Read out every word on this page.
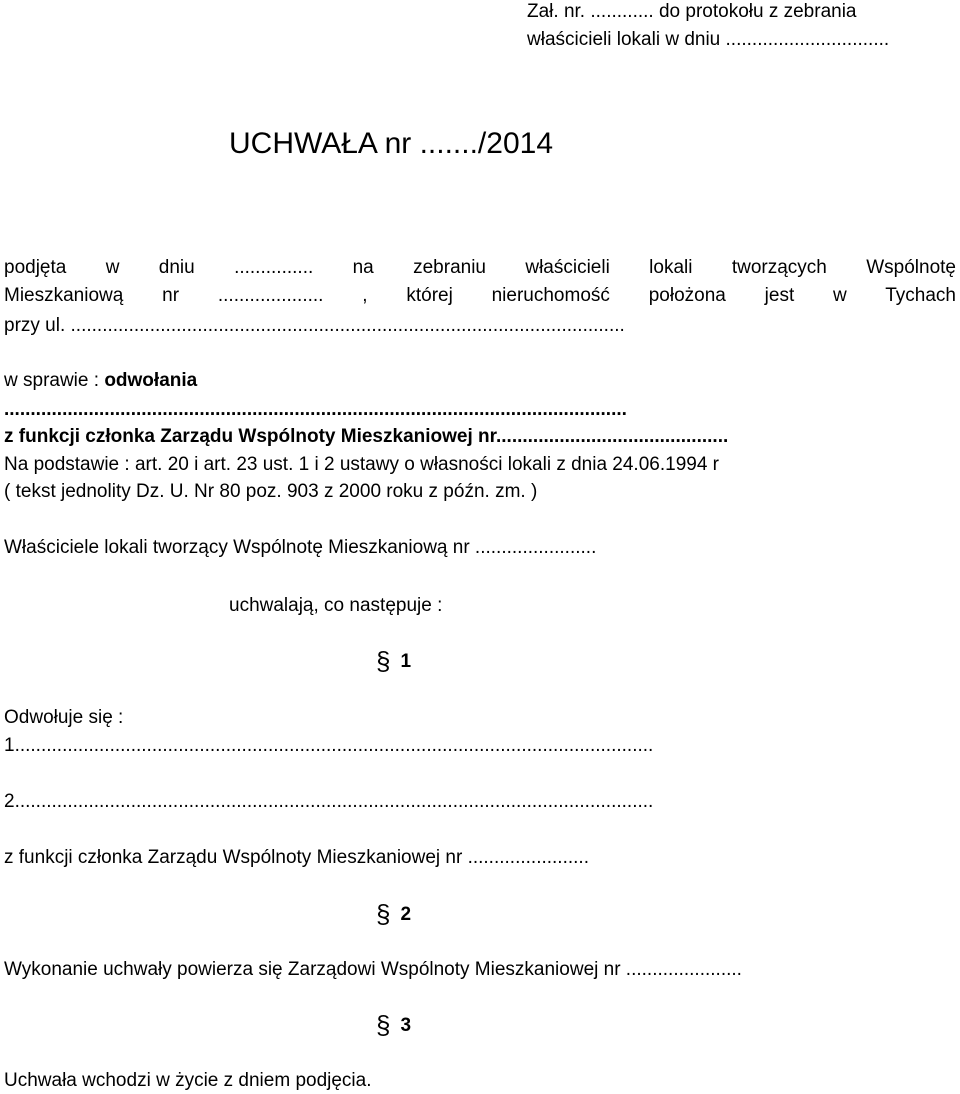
Zał. nr. ............ do protokołu z zebrania
właścicieli lokali w dniu ...............................
UCHWAŁA nr ......./2014
podjęta w dniu ............... na zebraniu właścicieli lokali tworzących Wspólnotę
Mieszkaniową nr .................... , której nieruchomość położona jest w Tychach
przy ul. .........................................................................................................
w sprawie : odwołania
......................................................................................................................
z funkcji członka Zarządu Wspólnoty Mieszkaniowej nr............................................
Na podstawie : art. 20 i art. 23 ust. 1 i 2 ustawy o własności lokali z dnia 24.06.1994 r
( tekst jednolity Dz. U. Nr 80 poz. 903 z 2000 roku z późn. zm. )
Właściciele lokali tworzący Wspólnotę Mieszkaniową nr .......................
uchwalają, co następuje :
§ 1
Odwołuje się :
1.........................................................................................................................
2.........................................................................................................................
z funkcji członka Zarządu Wspólnoty Mieszkaniowej nr .......................
§ 2
Wykonanie uchwały powierza się Zarządowi Wspólnoty Mieszkaniowej nr ......................
§ 3
Uchwała wchodzi w życie z dniem podjęcia.
